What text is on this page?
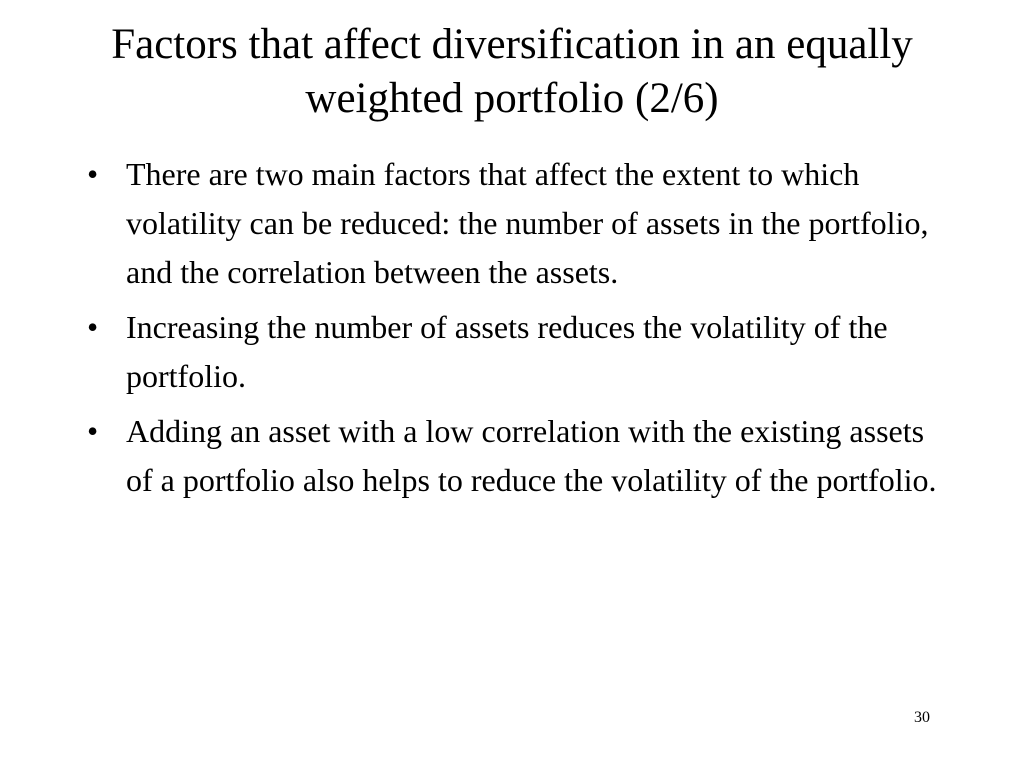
Factors that affect diversification in an equally weighted portfolio (2/6)
• There are two main factors that affect the extent to which volatility can be reduced: the number of assets in the portfolio, and the correlation between the assets.
• Increasing the number of assets reduces the volatility of the portfolio.
• Adding an asset with a low correlation with the existing assets of a portfolio also helps to reduce the volatility of the portfolio.
30
